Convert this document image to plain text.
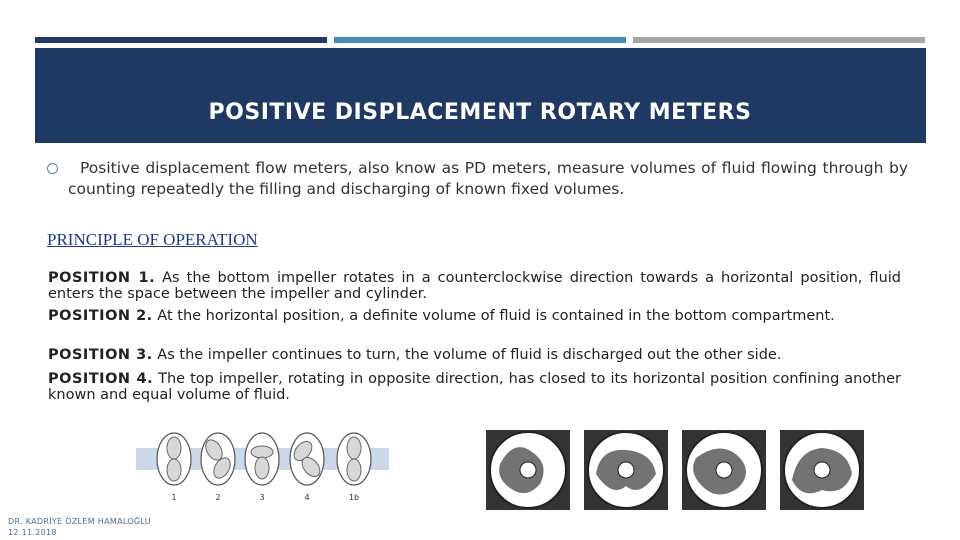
POSITIVE DISPLACEMENT ROTARY METERS
Positive displacement flow meters, also know as PD meters, measure volumes of fluid flowing through by counting repeatedly the filling and discharging of known fixed volumes.
PRINCIPLE OF OPERATION
POSITION 1. As the bottom impeller rotates in a counterclockwise direction towards a horizontal position, fluid enters the space between the impeller and cylinder.
POSITION 2. At the horizontal position, a definite volume of fluid is contained in the bottom compartment.
POSITION 3. As the impeller continues to turn, the volume of fluid is discharged out the other side.
POSITION 4. The top impeller, rotating in opposite direction, has closed to its horizontal position confining another known and equal volume of fluid.
1	2	3	4	1b
DR. KADRİYE ÖZLEM HAMALOĞLU
12.11.2018
